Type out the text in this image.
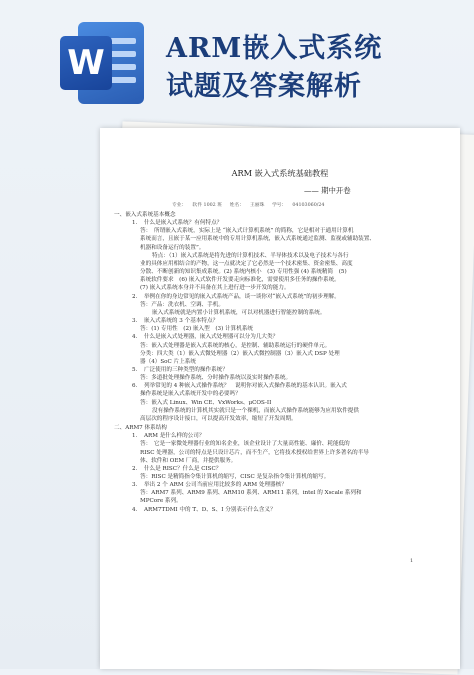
W ARM嵌入式系统
试题及答案解析
ARM 嵌入式系统基础教程
—— 期中开卷
专业： 软件 1002 班 姓名： 王丽珠 学号： 04103060/24

一、嵌入式系统基本概念

1．　什么是嵌入式系统？有何特点？

答：　所谓嵌入式系统，实际上是 “嵌入式计算机系统” 的简称，它是相对于通用计算机

系统而言，且嵌于某一应用系统中的专用计算机系统，嵌入式系统通过监测、监视或辅助装置、

机器和设备运行的装置”。

特点：（1）嵌入式系统是将先进的计算机技术、半导体技术以及电子技术与各行

业的具体应用相结合的产物，这一点就决定了它必然是一个技术密集、资金密集、高度

分散、不断创新的知识集成系统。(2) 系统内核小　(3) 专用性强 (4) 系统精简　(5)

系统软件要求　(6) 嵌入式软件开发要走向标准化，需要使用多任务的操作系统。

(7) 嵌入式系统本身并不具备在其上进行进一步开发的能力。

2．　举例在你的身边常见的嵌入式系统产品，谈一谈你对“嵌入式系统”的初步理解。

答：产品：洗衣机、空调、手机。

嵌入式系统就是内置小计算机系统，可以对机器进行智能控制的系统。

3．　嵌入式系统的 3 个基本特点？

答：(1) 专用性　(2) 嵌入型　(3) 计算机系统

4．　什么是嵌入式处理器，嵌入式处理器可以分为几大类？

答：嵌入式处理器是嵌入式系统的核心，是控制、辅助系统运行的硬件单元。

分类：四大类（1）嵌入式微处理器（2）嵌入式微控制器（3）嵌入式 DSP 处理

器（4）SoC 片上系统

5．　广泛使用的三种类型的操作系统？

答：多道批处理操作系统、分时操作系统以及实时操作系统。

6．　列举常见的 4 种嵌入式操作系统？　说明你对嵌入式操作系统的基本认识。嵌入式

操作系统是嵌入式系统开发中的必要吗？

答：嵌入式 Linux、Win CE、VxWorks、μCOS-II

没有操作系统的计算机其实就只是一个裸机，而嵌入式操作系统能够为应用软件提供

高层次的程序设计接口，可以提高开发效率，缩短了开发周期。

二、ARM7 体系结构

1．　ARM 是什么样的公司？

答：　它是一家微处理器行业的知名企业，该企业设计了大量高性能、廉价、耗能低的

RISC 处理器，公司的特点是只设计芯片，而不生产，它将技术授权给世界上许多著名的半导

体、软件和 OEM 厂商，并提供服务。

2．　什么是 RISC？什么是 CISC？

答：RISC 是精简指令集计算机的缩写，CISC 是复杂指令集计算机的缩写。

3．　举出 2 个 ARM 公司当前应用比较多的 ARM 处理器核？

答：ARM7 系列、ARM9 系列、ARM10 系列、ARM11 系列，intel 的 Xscale 系列和

MPCore 系列。

4．　ARM7TDMI 中的 T、D、S、I 分别表示什么含义？

1
